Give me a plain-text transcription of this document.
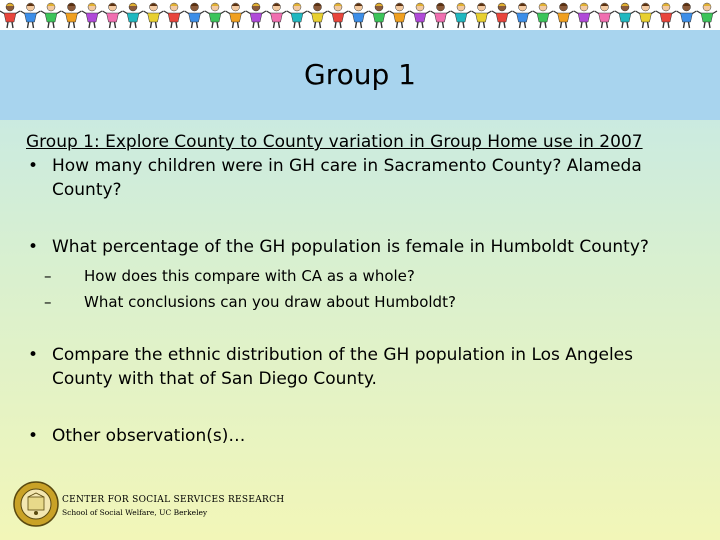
Group 1

Group 1: Explore County to County variation in Group Home use in 2007

• How many children were in GH care in Sacramento County? Alameda
County?

• What percentage of the GH population is female in Humboldt County?

– How does this compare with CA as a whole?

– What conclusions can you draw about Humboldt?

• Compare the ethnic distribution of the GH population in Los Angeles
County with that of San Diego County.

• Other observation(s)…

CENTER FOR SOCIAL SERVICES RESEARCH
School of Social Welfare, UC Berkeley
